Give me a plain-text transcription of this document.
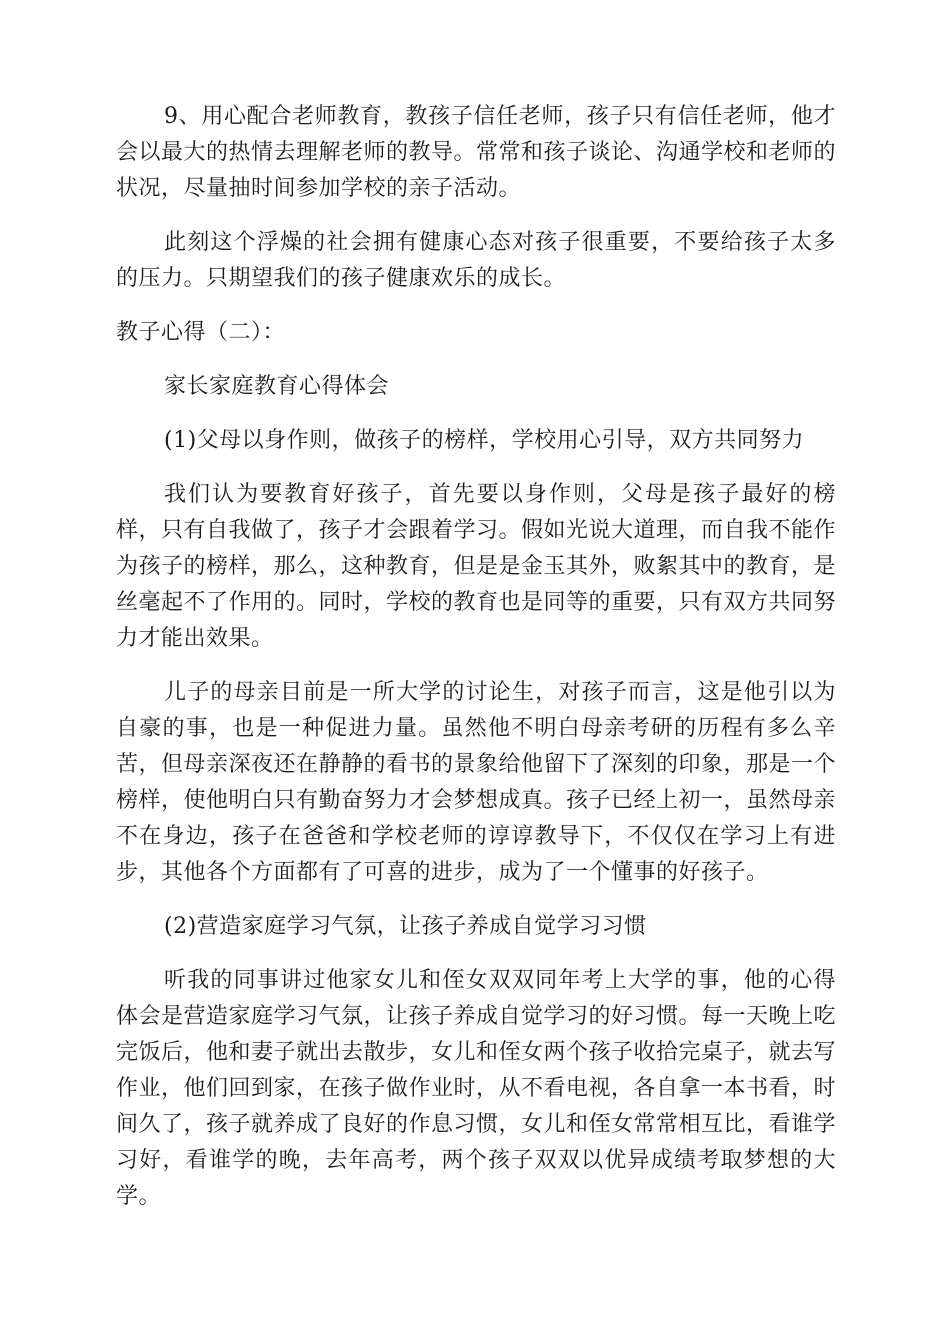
9、用心配合老师教育，教孩子信任老师，孩子只有信任老师，他才会以最大的热情去理解老师的教导。常常和孩子谈论、沟通学校和老师的状况，尽量抽时间参加学校的亲子活动。

此刻这个浮燥的社会拥有健康心态对孩子很重要，不要给孩子太多的压力。只期望我们的孩子健康欢乐的成长。

教子心得（二）：

家长家庭教育心得体会

(1)父母以身作则，做孩子的榜样，学校用心引导，双方共同努力

我们认为要教育好孩子，首先要以身作则，父母是孩子最好的榜样，只有自我做了，孩子才会跟着学习。假如光说大道理，而自我不能作为孩子的榜样，那么，这种教育，但是是金玉其外，败絮其中的教育，是丝毫起不了作用的。同时，学校的教育也是同等的重要，只有双方共同努力才能出效果。

儿子的母亲目前是一所大学的讨论生，对孩子而言，这是他引以为自豪的事，也是一种促进力量。虽然他不明白母亲考研的历程有多么辛苦，但母亲深夜还在静静的看书的景象给他留下了深刻的印象，那是一个榜样，使他明白只有勤奋努力才会梦想成真。孩子已经上初一，虽然母亲不在身边，孩子在爸爸和学校老师的谆谆教导下，不仅仅在学习上有进步，其他各个方面都有了可喜的进步，成为了一个懂事的好孩子。

(2)营造家庭学习气氛，让孩子养成自觉学习习惯

听我的同事讲过他家女儿和侄女双双同年考上大学的事，他的心得体会是营造家庭学习气氛，让孩子养成自觉学习的好习惯。每一天晚上吃完饭后，他和妻子就出去散步，女儿和侄女两个孩子收拾完桌子，就去写作业，他们回到家，在孩子做作业时，从不看电视，各自拿一本书看，时间久了，孩子就养成了良好的作息习惯，女儿和侄女常常相互比，看谁学习好，看谁学的晚，去年高考，两个孩子双双以优异成绩考取梦想的大学。
